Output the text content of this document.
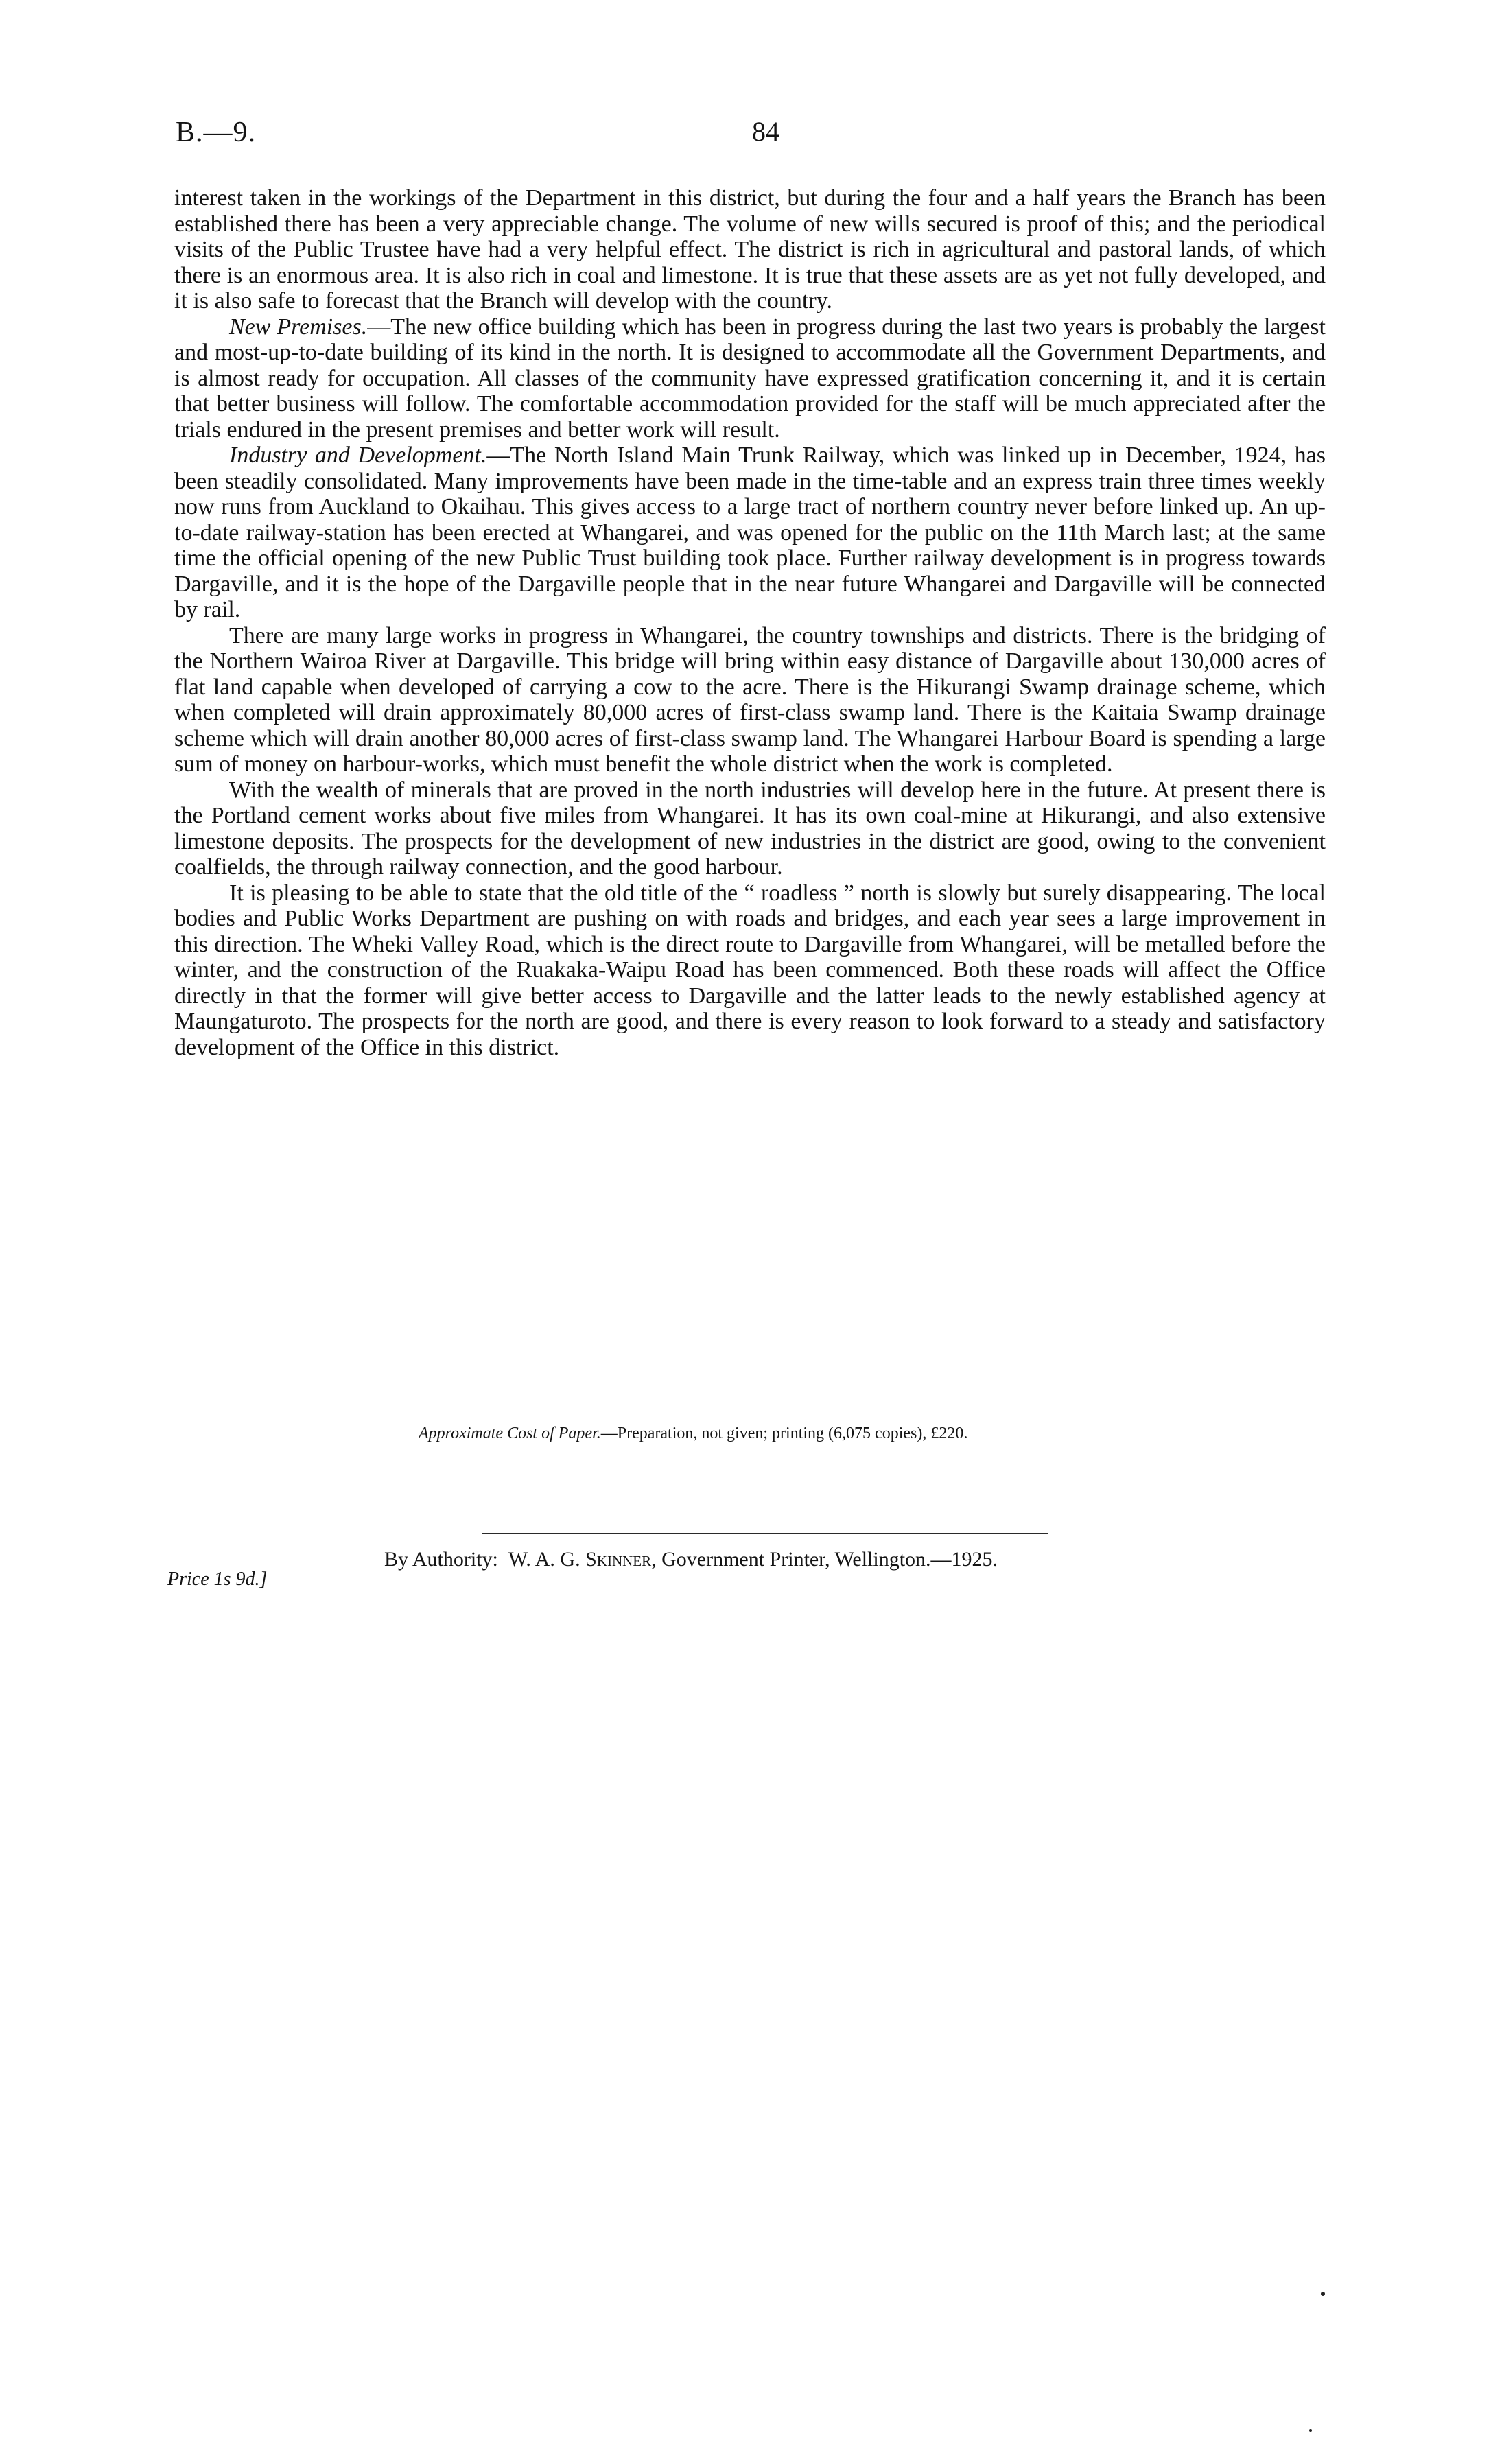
B.—9.	84

interest taken in the workings of the Department in this district, but during the four and a half years the Branch has been established there has been a very appreciable change. The volume of new wills secured is proof of this; and the periodical visits of the Public Trustee have had a very helpful effect. The district is rich in agricultural and pastoral lands, of which there is an enormous area. It is also rich in coal and limestone. It is true that these assets are as yet not fully developed, and it is also safe to forecast that the Branch will develop with the country.

New Premises.—The new office building which has been in progress during the last two years is probably the largest and most-up-to-date building of its kind in the north. It is designed to accommodate all the Government Departments, and is almost ready for occupation. All classes of the community have expressed gratification concerning it, and it is certain that better business will follow. The comfortable accommodation provided for the staff will be much appreciated after the trials endured in the present premises and better work will result.

Industry and Development.—The North Island Main Trunk Railway, which was linked up in December, 1924, has been steadily consolidated. Many improvements have been made in the time-table and an express train three times weekly now runs from Auckland to Okaihau. This gives access to a large tract of northern country never before linked up. An up-to-date railway-station has been erected at Whangarei, and was opened for the public on the 11th March last; at the same time the official opening of the new Public Trust building took place. Further railway development is in progress towards Dargaville, and it is the hope of the Dargaville people that in the near future Whangarei and Dargaville will be connected by rail.

There are many large works in progress in Whangarei, the country townships and districts. There is the bridging of the Northern Wairoa River at Dargaville. This bridge will bring within easy distance of Dargaville about 130,000 acres of flat land capable when developed of carrying a cow to the acre. There is the Hikurangi Swamp drainage scheme, which when completed will drain approximately 80,000 acres of first-class swamp land. There is the Kaitaia Swamp drainage scheme which will drain another 80,000 acres of first-class swamp land. The Whangarei Harbour Board is spending a large sum of money on harbour-works, which must benefit the whole district when the work is completed.

With the wealth of minerals that are proved in the north industries will develop here in the future. At present there is the Portland cement works about five miles from Whangarei. It has its own coal-mine at Hikurangi, and also extensive limestone deposits. The prospects for the development of new industries in the district are good, owing to the convenient coalfields, the through railway connection, and the good harbour.

It is pleasing to be able to state that the old title of the “ roadless ” north is slowly but surely disappearing. The local bodies and Public Works Department are pushing on with roads and bridges, and each year sees a large improvement in this direction. The Wheki Valley Road, which is the direct route to Dargaville from Whangarei, will be metalled before the winter, and the construction of the Ruakaka-Waipu Road has been commenced. Both these roads will affect the Office directly in that the former will give better access to Dargaville and the latter leads to the newly established agency at Maungaturoto. The prospects for the north are good, and there is every reason to look forward to a steady and satisfactory development of the Office in this district.

Approximate Cost of Paper.—Preparation, not given; printing (6,075 copies), £220.
By Authority: W. A. G. Skinner, Government Printer, Wellington.—1925.
Price 1s 9d.]
